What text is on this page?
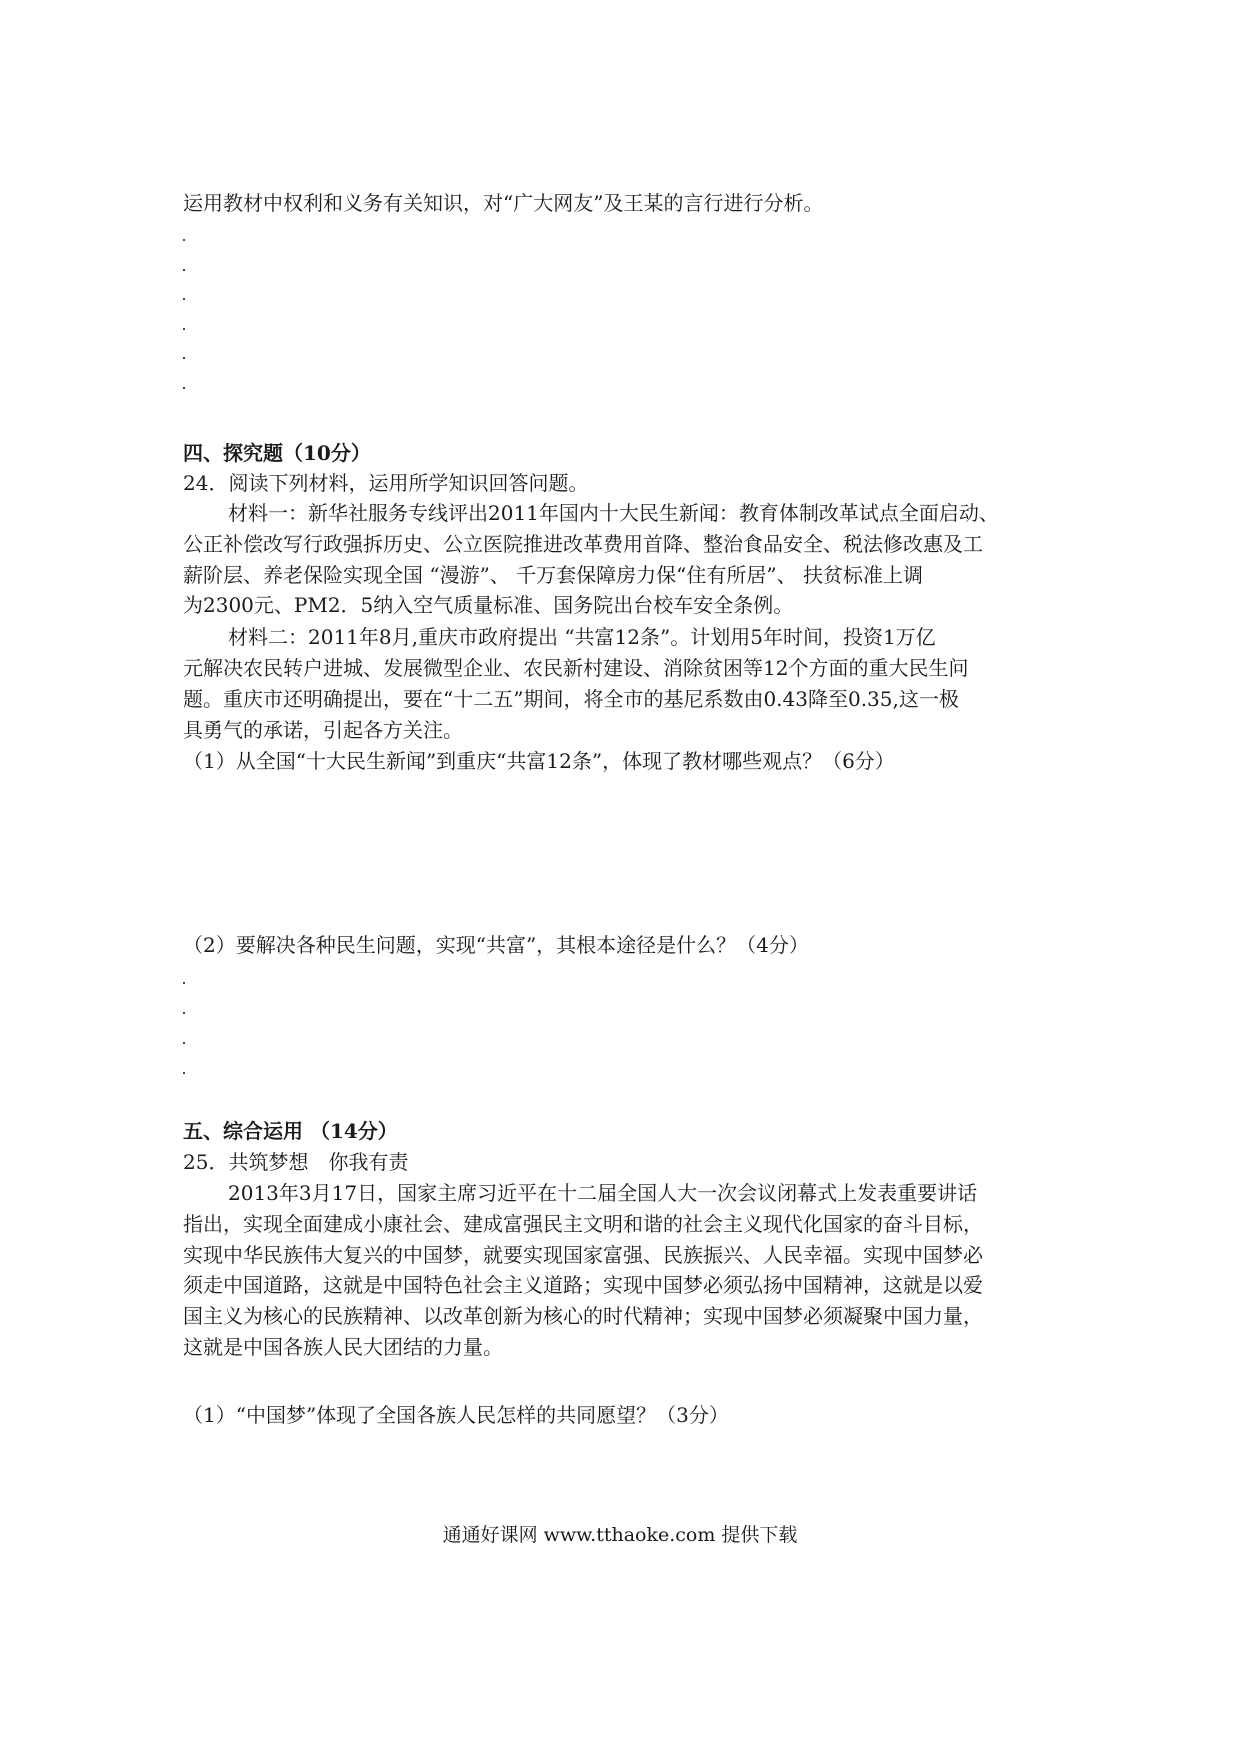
运用教材中权利和义务有关知识，对“广大网友”及王某的言行进行分析。
四、探究题（10分）
24．阅读下列材料，运用所学知识回答问题。
材料一：新华社服务专线评出2011年国内十大民生新闻：教育体制改革试点全面启动、
公正补偿改写行政强拆历史、公立医院推进改革费用首降、整治食品安全、税法修改惠及工
薪阶层、养老保险实现全国 “漫游”、 千万套保障房力保“住有所居”、 扶贫标准上调
为2300元、PM2．5纳入空气质量标准、国务院出台校车安全条例。
材料二：2011年8月,重庆市政府提出 “共富12条”。计划用5年时间，投资1万亿
元解决农民转户进城、发展微型企业、农民新村建设、消除贫困等12个方面的重大民生问
题。重庆市还明确提出，要在“十二五”期间，将全市的基尼系数由0.43降至0.35,这一极
具勇气的承诺，引起各方关注。
（1）从全国“十大民生新闻”到重庆“共富12条”，体现了教材哪些观点？（6分）
（2）要解决各种民生问题，实现“共富”，其根本途径是什么？（4分）
五、综合运用 （14分）
25．共筑梦想　你我有责
2013年3月17日，国家主席习近平在十二届全国人大一次会议闭幕式上发表重要讲话
指出，实现全面建成小康社会、建成富强民主文明和谐的社会主义现代化国家的奋斗目标，
实现中华民族伟大复兴的中国梦，就要实现国家富强、民族振兴、人民幸福。实现中国梦必
须走中国道路，这就是中国特色社会主义道路；实现中国梦必须弘扬中国精神，这就是以爱
国主义为核心的民族精神、以改革创新为核心的时代精神；实现中国梦必须凝聚中国力量，
这就是中国各族人民大团结的力量。
（1）“中国梦”体现了全国各族人民怎样的共同愿望？（3分）
通通好课网 www.tthaoke.com 提供下载
